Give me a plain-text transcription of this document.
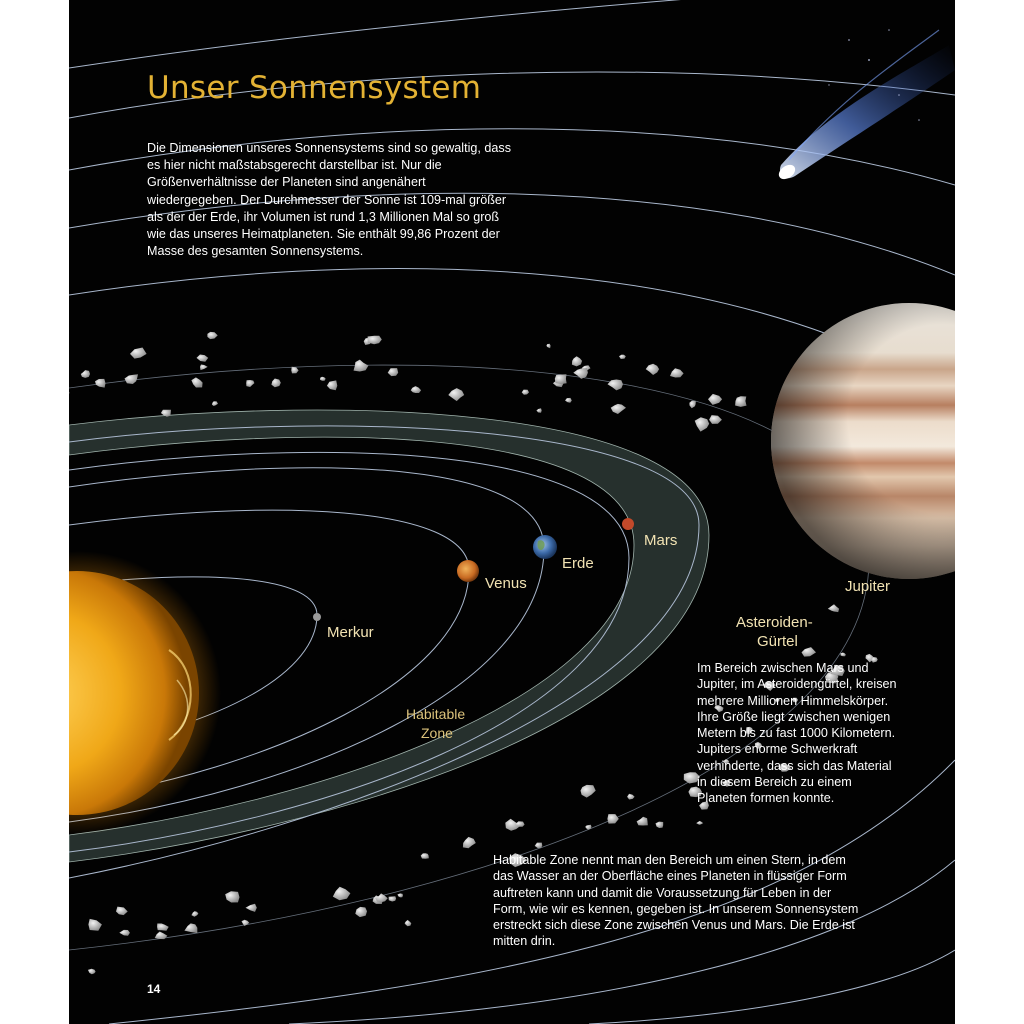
Merkur
Venus
Erde
Mars
Jupiter
Asteroiden-
Gürtel
Habitable
Zone
Unser Sonnensystem

Die Dimensionen unseres Sonnensystems sind so gewaltig, dass es hier nicht maßstabsgerecht darstellbar ist. Nur die Größenverhältnisse der Planeten sind angenähert wiedergegeben. Der Durchmesser der Sonne ist 109-mal größer als der der Erde, ihr Volumen ist rund 1,3 Millionen Mal so groß wie das unseres Heimatplaneten. Sie enthält 99,86 Prozent der Masse des gesamten Sonnensystems.

Im Bereich zwischen Mars und Jupiter, im Asteroidengürtel, kreisen mehrere Millionen Himmelskörper. Ihre Größe liegt zwischen wenigen Metern bis zu fast 1000 Kilometern. Jupiters enorme Schwerkraft verhinderte, dass sich das Material in diesem Bereich zu einem Planeten formen konnte.

Habitable Zone nennt man den Bereich um einen Stern, in dem das Wasser an der Oberfläche eines Planeten in flüssiger Form auftreten kann und damit die Voraussetzung für Leben in der Form, wie wir es kennen, gegeben ist. In unserem Sonnensystem erstreckt sich diese Zone zwischen Venus und Mars. Die Erde ist mitten drin.

14
